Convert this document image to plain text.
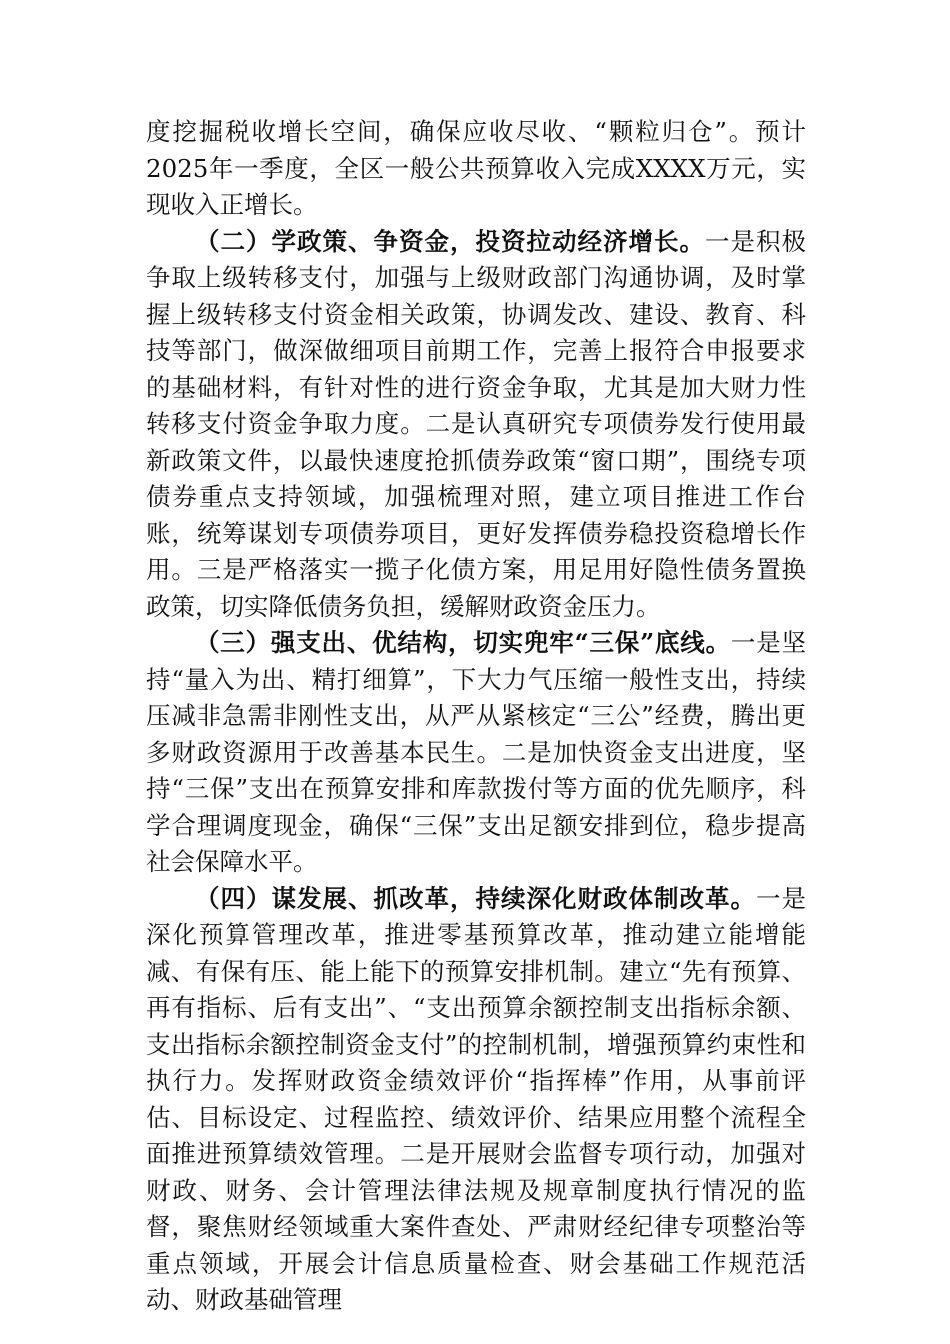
度挖掘税收增长空间，确保应收尽收、“颗粒归仓”。预计2025年一季度，全区一般公共预算收入完成XXXX万元，实现收入正增长。

（二）学政策、争资金，投资拉动经济增长。一是积极争取上级转移支付，加强与上级财政部门沟通协调，及时掌握上级转移支付资金相关政策，协调发改、建设、教育、科技等部门，做深做细项目前期工作，完善上报符合申报要求的基础材料，有针对性的进行资金争取，尤其是加大财力性转移支付资金争取力度。二是认真研究专项债券发行使用最新政策文件，以最快速度抢抓债券政策“窗口期”，围绕专项债券重点支持领域，加强梳理对照，建立项目推进工作台账，统筹谋划专项债券项目，更好发挥债券稳投资稳增长作用。三是严格落实一揽子化债方案，用足用好隐性债务置换政策，切实降低债务负担，缓解财政资金压力。

（三）强支出、优结构，切实兜牢“三保”底线。一是坚持“量入为出、精打细算”，下大力气压缩一般性支出，持续压减非急需非刚性支出，从严从紧核定“三公”经费，腾出更多财政资源用于改善基本民生。二是加快资金支出进度，坚持“三保”支出在预算安排和库款拨付等方面的优先顺序，科学合理调度现金，确保“三保”支出足额安排到位，稳步提高社会保障水平。

（四）谋发展、抓改革，持续深化财政体制改革。一是深化预算管理改革，推进零基预算改革，推动建立能增能减、有保有压、能上能下的预算安排机制。建立“先有预算、再有指标、后有支出”、“支出预算余额控制支出指标余额、支出指标余额控制资金支付”的控制机制，增强预算约束性和执行力。发挥财政资金绩效评价“指挥棒”作用，从事前评估、目标设定、过程监控、绩效评价、结果应用整个流程全面推进预算绩效管理。二是开展财会监督专项行动，加强对财政、财务、会计管理法律法规及规章制度执行情况的监督，聚焦财经领域重大案件查处、严肃财经纪律专项整治等重点领域，开展会计信息质量检查、财会基础工作规范活动、财政基础管理
